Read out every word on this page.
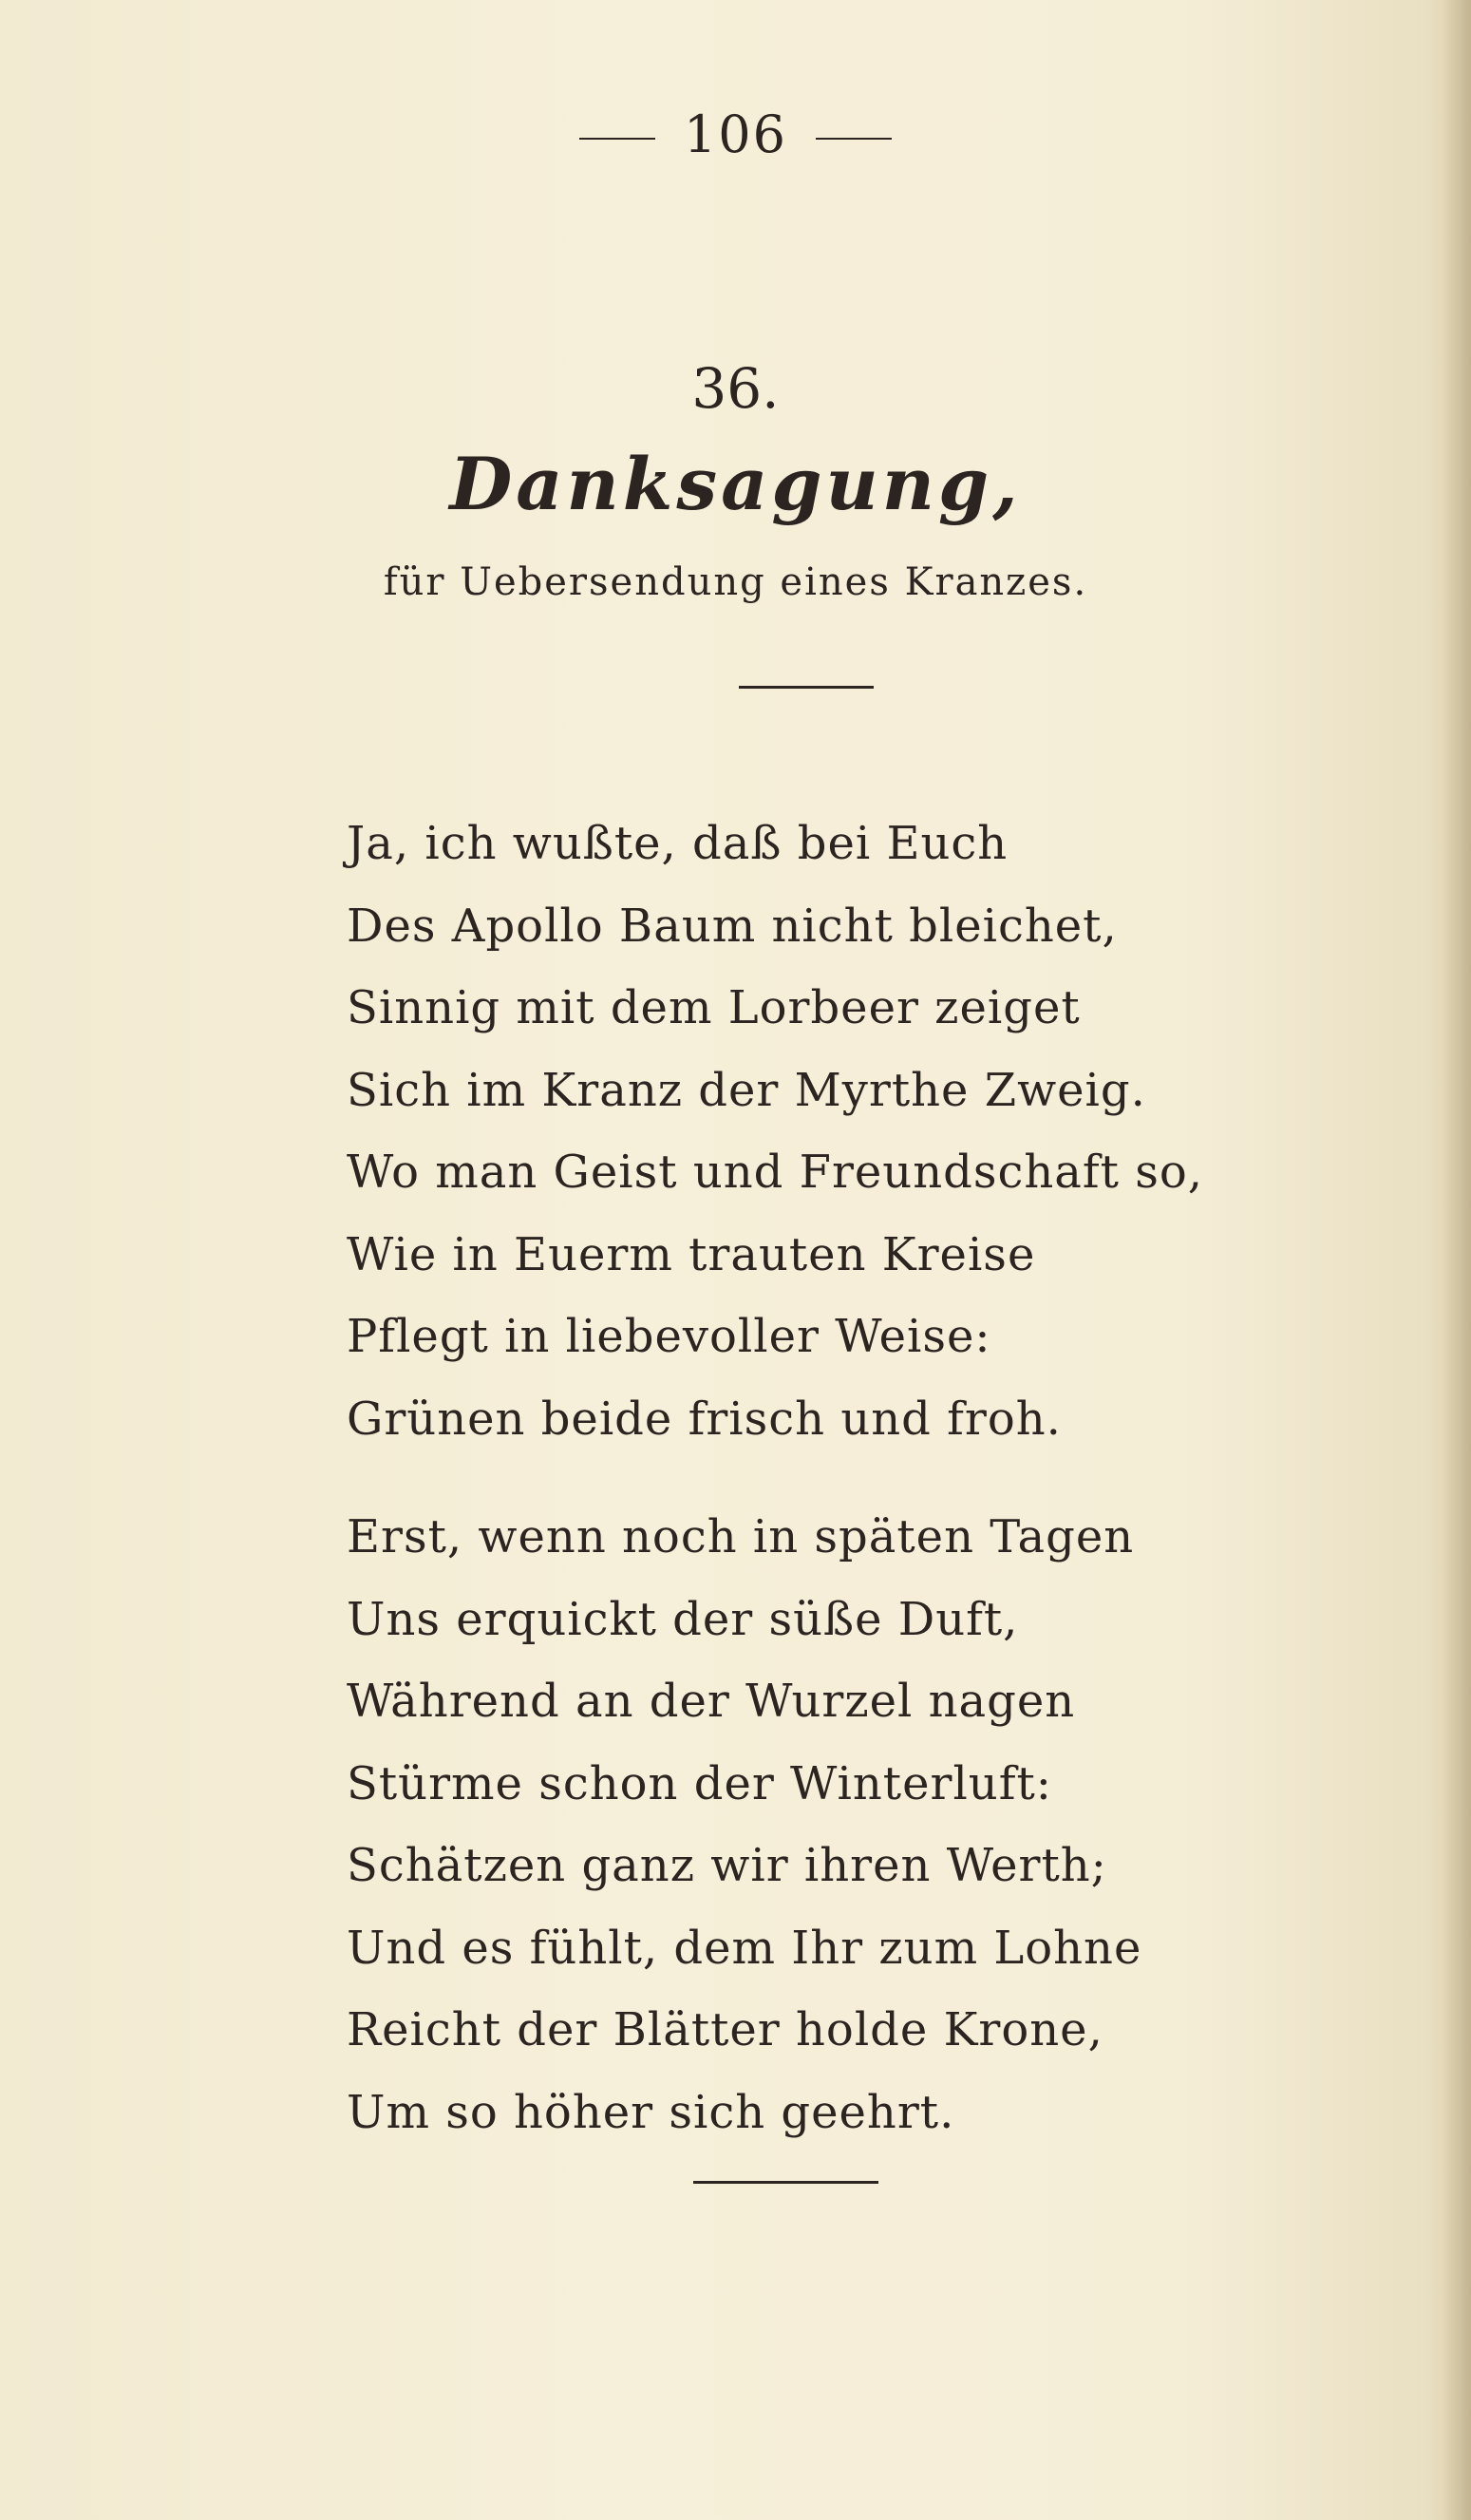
106
36.
Danksagung,
für Uebersendung eines Kranzes.
Ja, ich wußte, daß bei Euch
Des Apollo Baum nicht bleichet,
Sinnig mit dem Lorbeer zeiget
Sich im Kranz der Myrthe Zweig.
Wo man Geist und Freundschaft so,
Wie in Euerm trauten Kreise
Pflegt in liebevoller Weise:
Grünen beide frisch und froh.
Erst, wenn noch in späten Tagen
Uns erquickt der süße Duft,
Während an der Wurzel nagen
Stürme schon der Winterluft:
Schätzen ganz wir ihren Werth;
Und es fühlt, dem Ihr zum Lohne
Reicht der Blätter holde Krone,
Um so höher sich geehrt.
